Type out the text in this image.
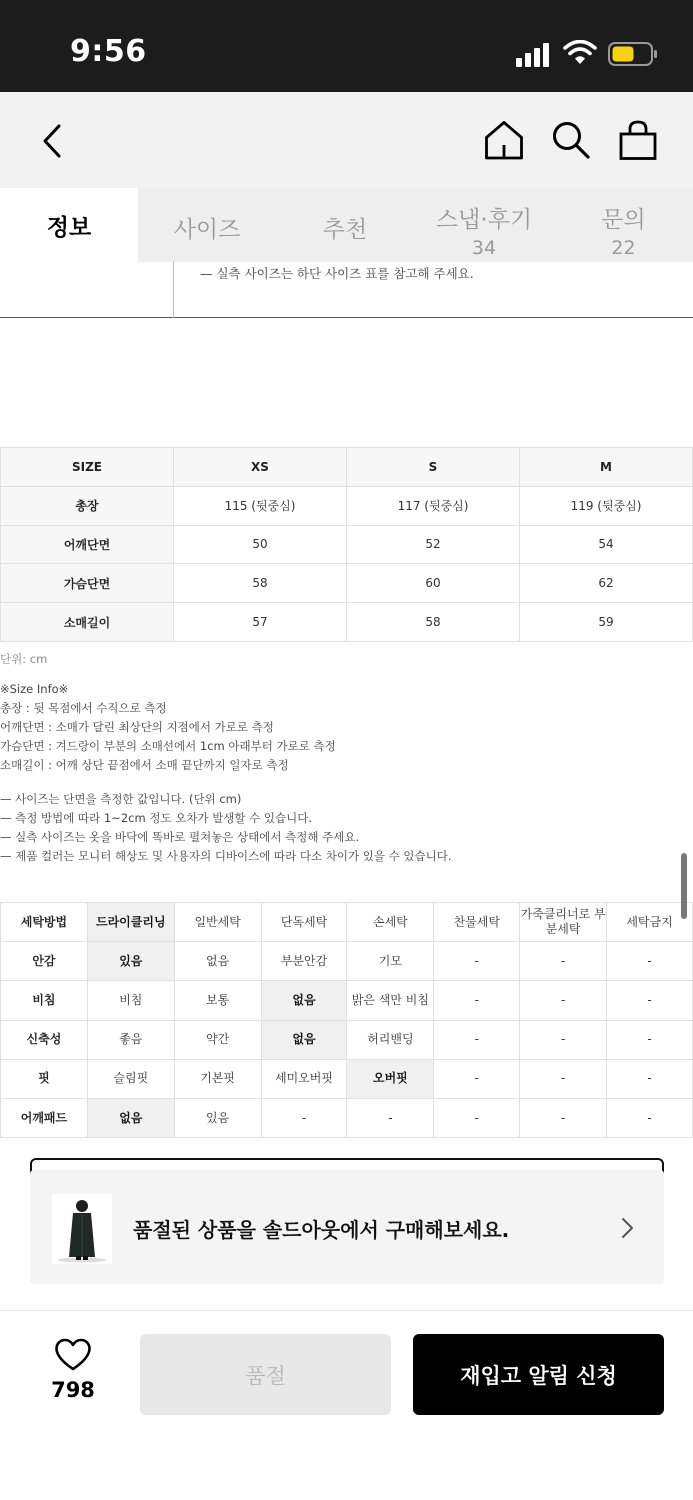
9:56
정보	사이즈	추천	스냅·후기
34
문의
22
— 실측 사이즈는 하단 사이즈 표를 참고해 주세요.
SIZE	XS	S	M
총장	115 (뒷중심)	117 (뒷중심)	119 (뒷중심)
어깨단면	50	52	54
가슴단면	58	60	62
소매길이	57	58	59
단위: cm
※Size Info※
총장 : 뒷 목점에서 수직으로 측정
어깨단면 : 소매가 달린 최상단의 지점에서 가로로 측정
가슴단면 : 겨드랑이 부분의 소매선에서 1cm 아래부터 가로로 측정
소매길이 : 어깨 상단 끝점에서 소매 끝단까지 일자로 측정
— 사이즈는 단면을 측정한 값입니다. (단위 cm)
— 측정 방법에 따라 1~2cm 정도 오차가 발생할 수 있습니다.
— 실측 사이즈는 옷을 바닥에 똑바로 펼쳐놓은 상태에서 측정해 주세요.
— 제품 컬러는 모니터 해상도 및 사용자의 디바이스에 따라 다소 차이가 있을 수 있습니다.
세탁방법	드라이클리닝	일반세탁	단독세탁	손세탁	찬물세탁	가죽클리너로 부분세탁	세탁금지
안감	있음	없음	부분안감	기모	-	-	-
비침	비침	보통	없음	밝은 색만 비침	-	-	-
신축성	좋음	약간	없음	허리밴딩	-	-	-
핏	슬림핏	기본핏	세미오버핏	오버핏	-	-	-
어깨패드	없음	있음	-	-	-	-	-
품절된 상품을 솔드아웃에서 구매해보세요.
798
품절	재입고 알림 신청
